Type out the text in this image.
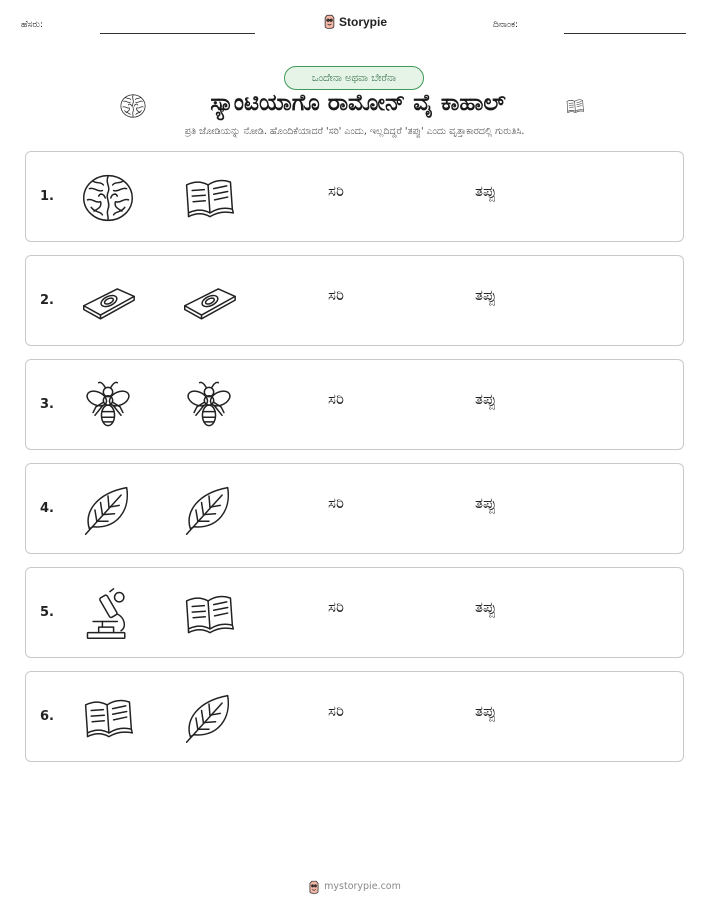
ಹೆಸರು:	Storypie	ದಿನಾಂಕ:
ಒಂದೇನಾ ಅಥವಾ ಬೇರೆನಾ
ಸ್ಯಾಂಟಿಯಾಗೊ ರಾಮೋನ್ ವೈ ಕಾಹಾಲ್
ಪ್ರತಿ ಜೋಡಿಯನ್ನು ನೋಡಿ. ಹೊಂದಿಕೆಯಾದರೆ 'ಸರಿ' ಎಂದು, ಇಲ್ಲದಿದ್ದರೆ 'ತಪ್ಪು' ಎಂದು ವೃತ್ತಾಕಾರದಲ್ಲಿ ಗುರುತಿಸಿ.
1.	ಸರಿ	ತಪ್ಪು
2.	ಸರಿ	ತಪ್ಪು
3.	ಸರಿ	ತಪ್ಪು
4.	ಸರಿ	ತಪ್ಪು
5.	ಸರಿ	ತಪ್ಪು
6.	ಸರಿ	ತಪ್ಪು
mystorypie.com
